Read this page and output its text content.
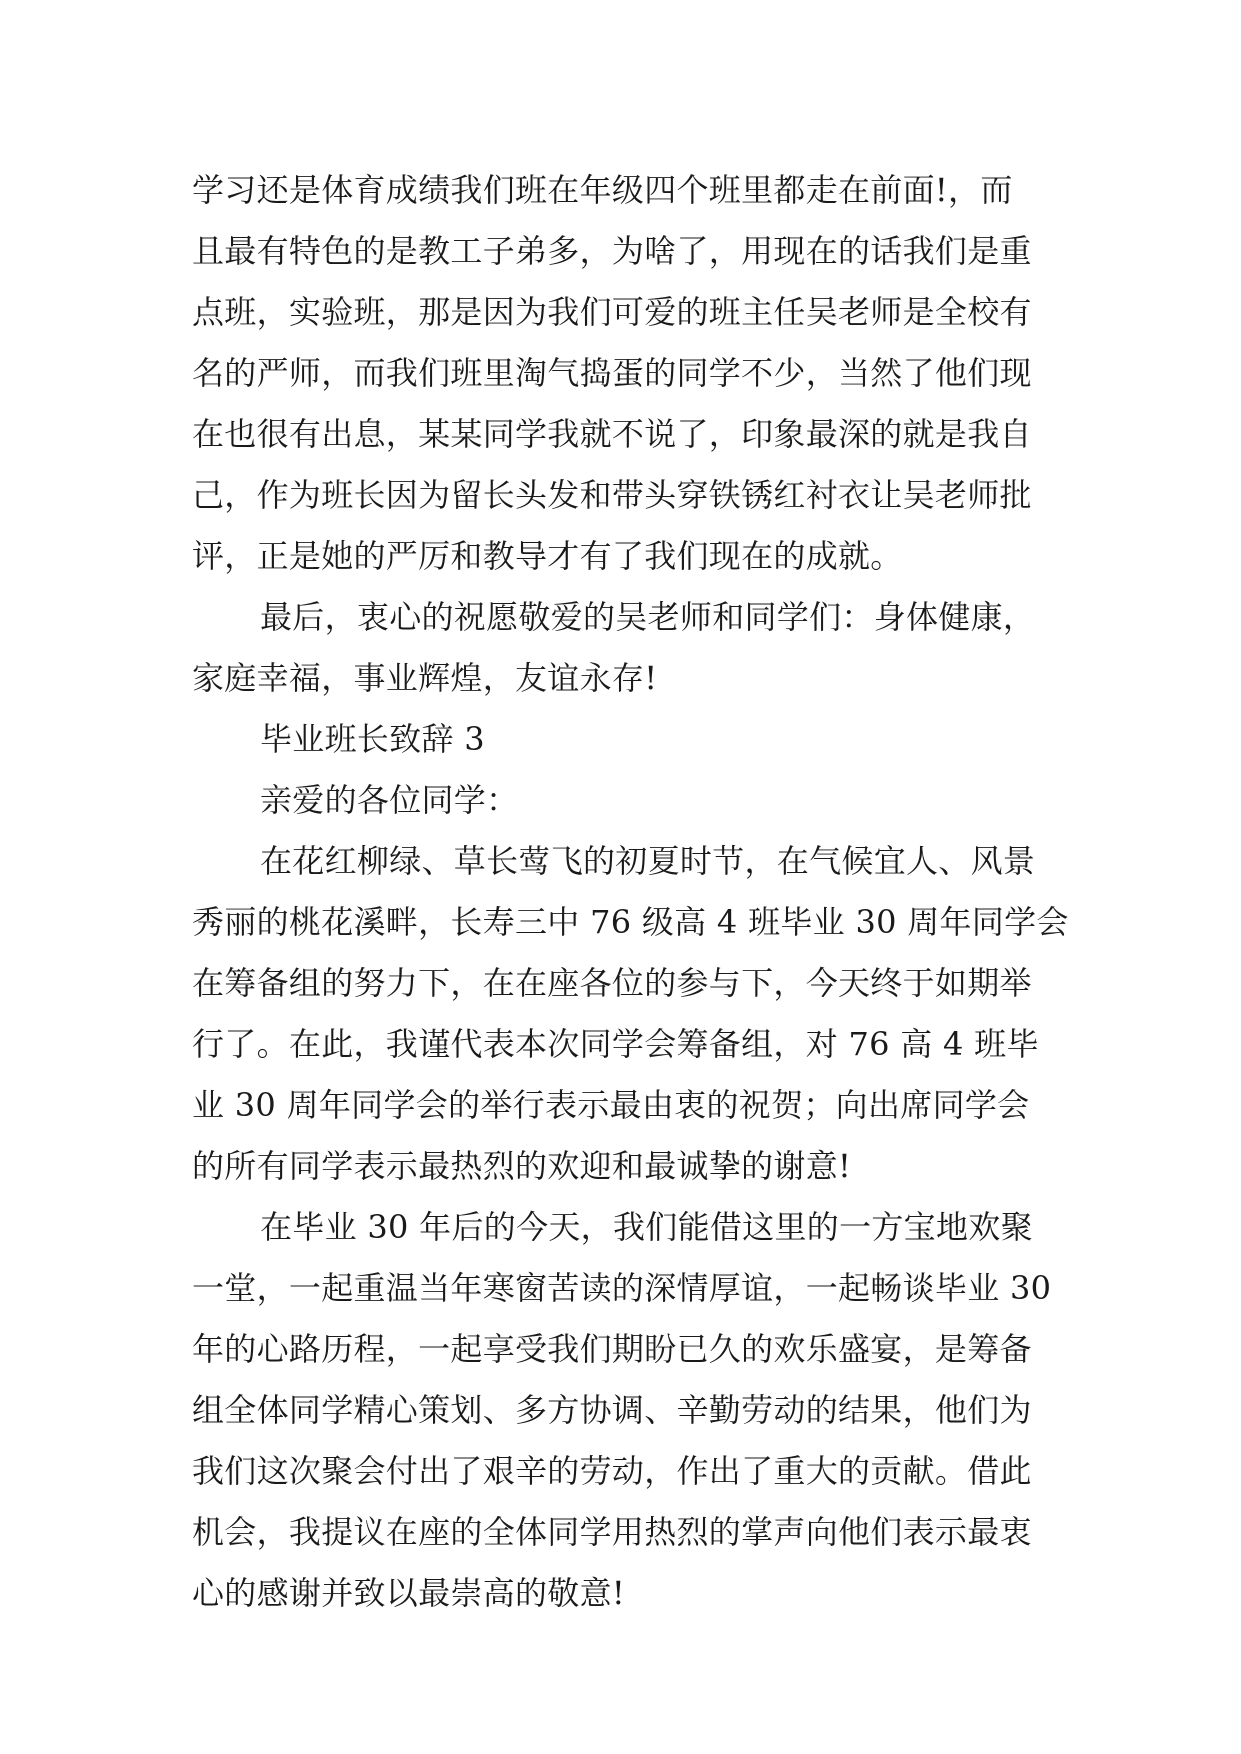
学习还是体育成绩我们班在年级四个班里都走在前面!，而
且最有特色的是教工子弟多，为啥了，用现在的话我们是重
点班，实验班，那是因为我们可爱的班主任吴老师是全校有
名的严师，而我们班里淘气捣蛋的同学不少，当然了他们现
在也很有出息，某某同学我就不说了，印象最深的就是我自
己，作为班长因为留长头发和带头穿铁锈红衬衣让吴老师批
评，正是她的严厉和教导才有了我们现在的成就。
最后，衷心的祝愿敬爱的吴老师和同学们：身体健康，
家庭幸福，事业辉煌，友谊永存!
毕业班长致辞 3
亲爱的各位同学：
在花红柳绿、草长莺飞的初夏时节，在气候宜人、风景
秀丽的桃花溪畔，长寿三中 76 级高 4 班毕业 30 周年同学会
在筹备组的努力下，在在座各位的参与下，今天终于如期举
行了。在此，我谨代表本次同学会筹备组，对 76 高 4 班毕
业 30 周年同学会的举行表示最由衷的祝贺；向出席同学会
的所有同学表示最热烈的欢迎和最诚挚的谢意!
在毕业 30 年后的今天，我们能借这里的一方宝地欢聚
一堂，一起重温当年寒窗苦读的深情厚谊，一起畅谈毕业 30
年的心路历程，一起享受我们期盼已久的欢乐盛宴，是筹备
组全体同学精心策划、多方协调、辛勤劳动的结果，他们为
我们这次聚会付出了艰辛的劳动，作出了重大的贡献。借此
机会，我提议在座的全体同学用热烈的掌声向他们表示最衷
心的感谢并致以最崇高的敬意!
